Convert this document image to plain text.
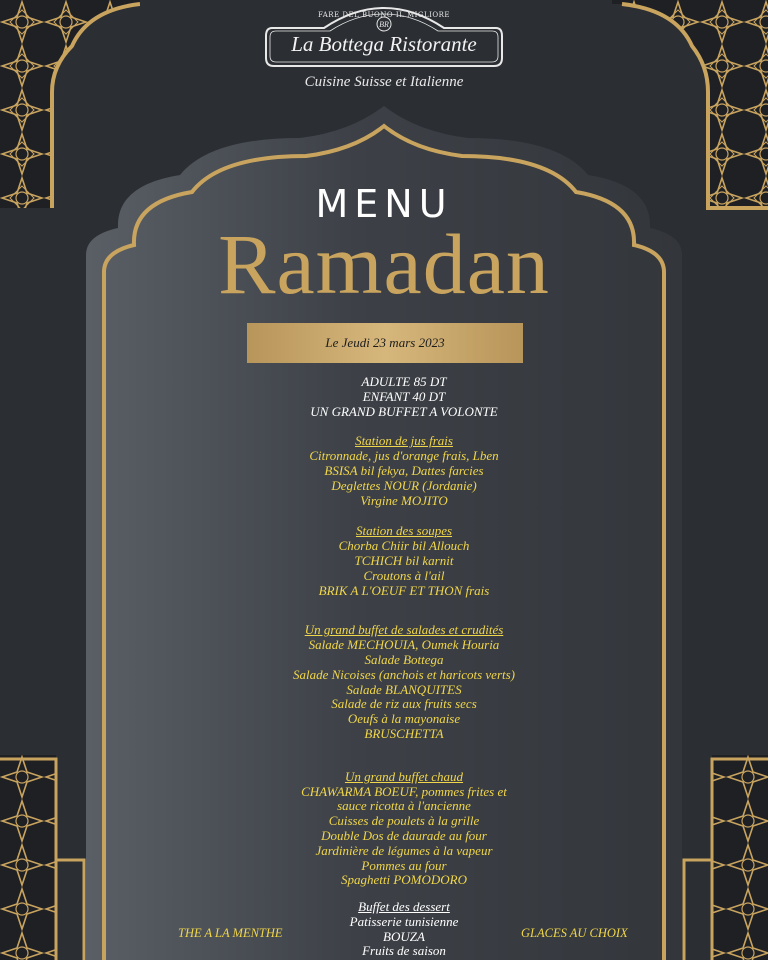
FARE DEL BUONO IL MIGLIORE
BR
La Bottega Ristorante
Cuisine Suisse et Italienne
MENU
Ramadan
Le Jeudi 23 mars 2023
ADULTE 85 DT
ENFANT 40 DT
UN GRAND BUFFET A VOLONTE
Station de jus frais
Citronnade, jus d'orange frais, Lben
BSISA bil fekya, Dattes farcies
Deglettes NOUR (Jordanie)
Virgine MOJITO
Station des soupes
Chorba Chiir bil Allouch
TCHICH bil karnit
Croutons à l'ail
BRIK A L'OEUF ET THON frais
Un grand buffet de salades et crudités
Salade MECHOUIA, Oumek Houria
Salade Bottega
Salade Nicoises (anchois et haricots verts)
Salade BLANQUITES
Salade de riz aux fruits secs
Oeufs à la mayonaise
BRUSCHETTA
Un grand buffet chaud
CHAWARMA BOEUF, pommes frites et
sauce ricotta à l'ancienne
Cuisses de poulets à la grille
Double Dos de daurade au four
Jardinière de légumes à la vapeur
Pommes au four
Spaghetti POMODORO
Buffet des dessert
Patisserie tunisienne
BOUZA
Fruits de saison
THE A LA MENTHE	GLACES AU CHOIX
